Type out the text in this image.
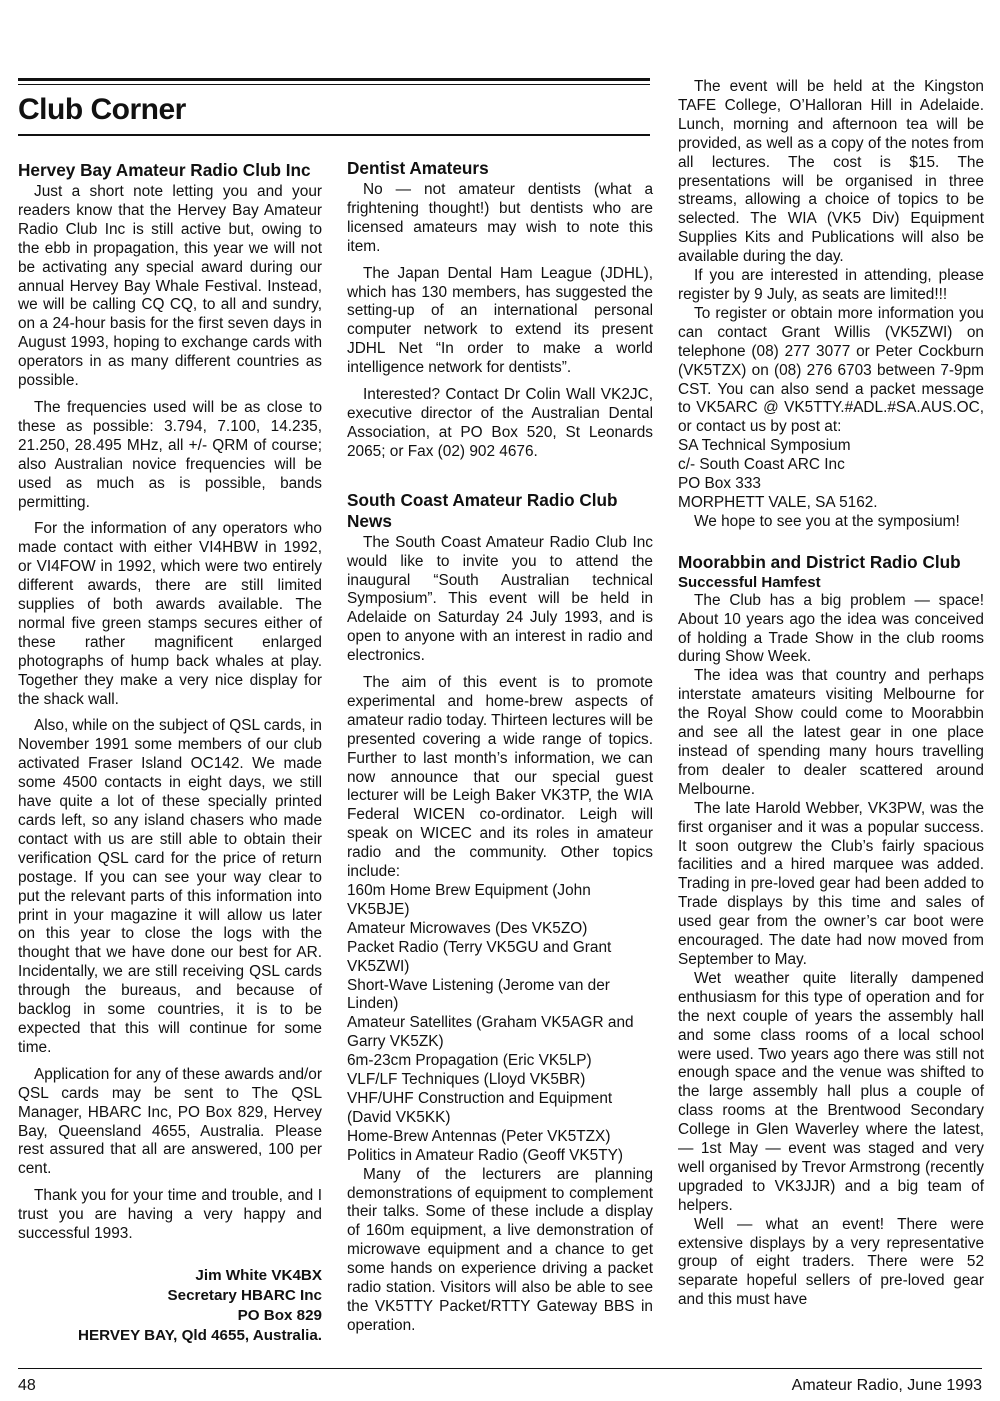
Club Corner
Hervey Bay Amateur Radio Club Inc

Just a short note letting you and your readers know that the Hervey Bay Amateur Radio Club Inc is still active but, owing to the ebb in propagation, this year we will not be activating any special award during our annual Hervey Bay Whale Festival. Instead, we will be calling CQ CQ, to all and sundry, on a 24-hour basis for the first seven days in August 1993, hoping to exchange cards with operators in as many different countries as possible.

The frequencies used will be as close to these as possible: 3.794, 7.100, 14.235, 21.250, 28.495 MHz, all +/- QRM of course; also Australian novice frequencies will be used as much as is possible, bands permitting.

For the information of any operators who made contact with either VI4HBW in 1992, or VI4FOW in 1992, which were two entirely different awards, there are still limited supplies of both awards available. The normal five green stamps secures either of these rather magnificent enlarged photographs of hump back whales at play. Together they make a very nice display for the shack wall.

Also, while on the subject of QSL cards, in November 1991 some members of our club activated Fraser Island OC142. We made some 4500 contacts in eight days, we still have quite a lot of these specially printed cards left, so any island chasers who made contact with us are still able to obtain their verification QSL card for the price of return postage. If you can see your way clear to put the relevant parts of this information into print in your magazine it will allow us later on this year to close the logs with the thought that we have done our best for AR. Incidentally, we are still receiving QSL cards through the bureaus, and because of backlog in some countries, it is to be expected that this will continue for some time.

Application for any of these awards and/or QSL cards may be sent to The QSL Manager, HBARC Inc, PO Box 829, Hervey Bay, Queensland 4655, Australia. Please rest assured that all are answered, 100 per cent.

Thank you for your time and trouble, and I trust you are having a very happy and successful 1993.

Jim White VK4BX

Secretary HBARC Inc

PO Box 829

HERVEY BAY, Qld 4655, Australia.

Dentist Amateurs

No — not amateur dentists (what a frightening thought!) but dentists who are licensed amateurs may wish to note this item.

The Japan Dental Ham League (JDHL), which has 130 members, has suggested the setting-up of an international personal computer network to extend its present JDHL Net “In order to make a world intelligence network for dentists”.

Interested? Contact Dr Colin Wall VK2JC, executive director of the Australian Dental Association, at PO Box 520, St Leonards 2065; or Fax (02) 902 4676.

South Coast Amateur Radio Club News

The South Coast Amateur Radio Club Inc would like to invite you to attend the inaugural “South Australian technical Symposium”. This event will be held in Adelaide on Saturday 24 July 1993, and is open to anyone with an interest in radio and electronics.

The aim of this event is to promote experimental and home-brew aspects of amateur radio today. Thirteen lectures will be presented covering a wide range of topics. Further to last month’s information, we can now announce that our special guest lecturer will be Leigh Baker VK3TP, the WIA Federal WICEN co-ordinator. Leigh will speak on WICEC and its roles in amateur radio and the community. Other topics include:

160m Home Brew Equipment (John VK5BJE)

Amateur Microwaves (Des VK5ZO)

Packet Radio (Terry VK5GU and Grant VK5ZWI)

Short-Wave Listening (Jerome van der Linden)

Amateur Satellites (Graham VK5AGR and Garry VK5ZK)

6m-23cm Propagation (Eric VK5LP)

VLF/LF Techniques (Lloyd VK5BR)

VHF/UHF Construction and Equipment (David VK5KK)

Home-Brew Antennas (Peter VK5TZX)

Politics in Amateur Radio (Geoff VK5TY)

Many of the lecturers are planning demonstrations of equipment to complement their talks. Some of these include a display of 160m equipment, a live demonstration of microwave equipment and a chance to get some hands on experience driving a packet radio station. Visitors will also be able to see the VK5TTY Packet/RTTY Gateway BBS in operation.

The event will be held at the Kingston TAFE College, O’Halloran Hill in Adelaide. Lunch, morning and afternoon tea will be provided, as well as a copy of the notes from all lectures. The cost is $15. The presentations will be organised in three streams, allowing a choice of topics to be selected. The WIA (VK5 Div) Equipment Supplies Kits and Publications will also be available during the day.

If you are interested in attending, please register by 9 July, as seats are limited!!!

To register or obtain more information you can contact Grant Willis (VK5ZWI) on telephone (08) 277 3077 or Peter Cockburn (VK5TZX) on (08) 276 6703 between 7-9pm CST. You can also send a packet message to VK5ARC @ VK5TTY.#ADL.#SA.AUS.OC, or contact us by post at:

SA Technical Symposium

c/- South Coast ARC Inc

PO Box 333

MORPHETT VALE, SA 5162.

We hope to see you at the symposium!

Moorabbin and District Radio Club
Successful Hamfest

The Club has a big problem — space! About 10 years ago the idea was conceived of holding a Trade Show in the club rooms during Show Week.

The idea was that country and perhaps interstate amateurs visiting Melbourne for the Royal Show could come to Moorabbin and see all the latest gear in one place instead of spending many hours travelling from dealer to dealer scattered around Melbourne.

The late Harold Webber, VK3PW, was the first organiser and it was a popular success. It soon outgrew the Club’s fairly spacious facilities and a hired marquee was added. Trading in pre-loved gear had been added to Trade displays by this time and sales of used gear from the owner’s car boot were encouraged. The date had now moved from September to May.

Wet weather quite literally dampened enthusiasm for this type of operation and for the next couple of years the assembly hall and some class rooms of a local school were used. Two years ago there was still not enough space and the venue was shifted to the large assembly hall plus a couple of class rooms at the Brentwood Secondary College in Glen Waverley where the latest, — 1st May — event was staged and very well organised by Trevor Armstrong (recently upgraded to VK3JJR) and a big team of helpers.

Well — what an event! There were extensive displays by a very representative group of eight traders. There were 52 separate hopeful sellers of pre-loved gear and this must have

48	Amateur Radio, June 1993
